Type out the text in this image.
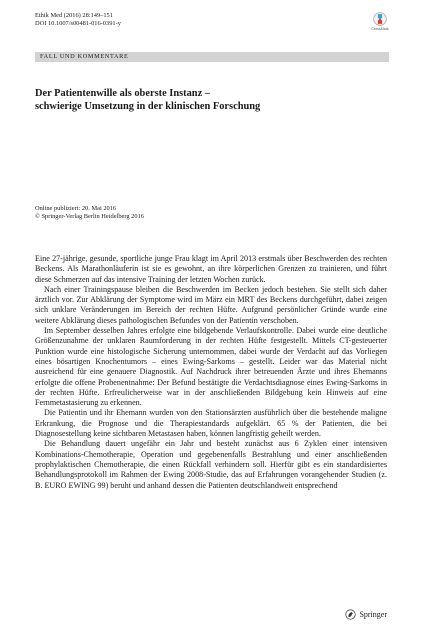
Ethik Med (2016) 28:149–151
DOI 10.1007/s00481-016-0391-y
CrossMark
FALL UND KOMMENTARE
Der Patientenwille als oberste Instanz –
schwierige Umsetzung in der klinischen Forschung
Online publiziert: 20. Mai 2016
© Springer-Verlag Berlin Heidelberg 2016

Eine 27-jährige, gesunde, sportliche junge Frau klagt im April 2013 erstmals über Beschwerden des rechten Beckens. Als Marathonläuferin ist sie es gewohnt, an ihre körperlichen Grenzen zu trainieren, und führt diese Schmerzen auf das intensive Training der letzten Wochen zurück.

Nach einer Trainingspause bleiben die Beschwerden im Becken jedoch bestehen. Sie stellt sich daher ärztlich vor. Zur Abklärung der Symptome wird im März ein MRT des Beckens durchgeführt, dabei zeigen sich unklare Veränderungen im Bereich der rechten Hüfte. Aufgrund persönlicher Gründe wurde eine weitere Abklärung dieses pathologischen Befundes von der Patientin verschoben.

Im September desselben Jahres erfolgte eine bildgebende Verlaufskontrolle. Dabei wurde eine deutliche Größenzunahme der unklaren Raumforderung in der rechten Hüfte festgestellt. Mittels CT-gesteuerter Punktion wurde eine histologische Sicherung unternommen, dabei wurde der Verdacht auf das Vorliegen eines bösartigen Knochentumors – eines Ewing-Sarkoms – gestellt. Leider war das Material nicht ausreichend für eine genauere Diagnostik. Auf Nachdruck ihrer betreuenden Ärzte und ihres Ehemanns erfolgte die offene Probenentnahme: Der Befund bestätigte die Verdachtsdiagnose eines Ewing-Sarkoms in der rechten Hüfte. Erfreulicherweise war in der anschließenden Bildgebung kein Hinweis auf eine Fernmetastasierung zu erkennen.

Die Patientin und ihr Ehemann wurden von den Stationsärzten ausführlich über die bestehende maligne Erkrankung, die Prognose und die Therapiestandards aufgeklärt. 65 % der Patienten, die bei Diagnosestellung keine sichtbaren Metastasen haben, können langfristig geheilt werden.

Die Behandlung dauert ungefähr ein Jahr und besteht zunächst aus 6 Zyklen einer intensiven Kombinations-Chemotherapie, Operation und gegebenenfalls Bestrahlung und einer anschließenden prophylaktischen Chemotherapie, die einen Rückfall verhindern soll. Hierfür gibt es ein standardisiertes Behandlungsprotokoll im Rahmen der Ewing 2008-Studie, das auf Erfahrungen vorangehender Studien (z. B. EURO EWING 99) beruht und anhand dessen die Patienten deutschlandweit entsprechend

Springer
